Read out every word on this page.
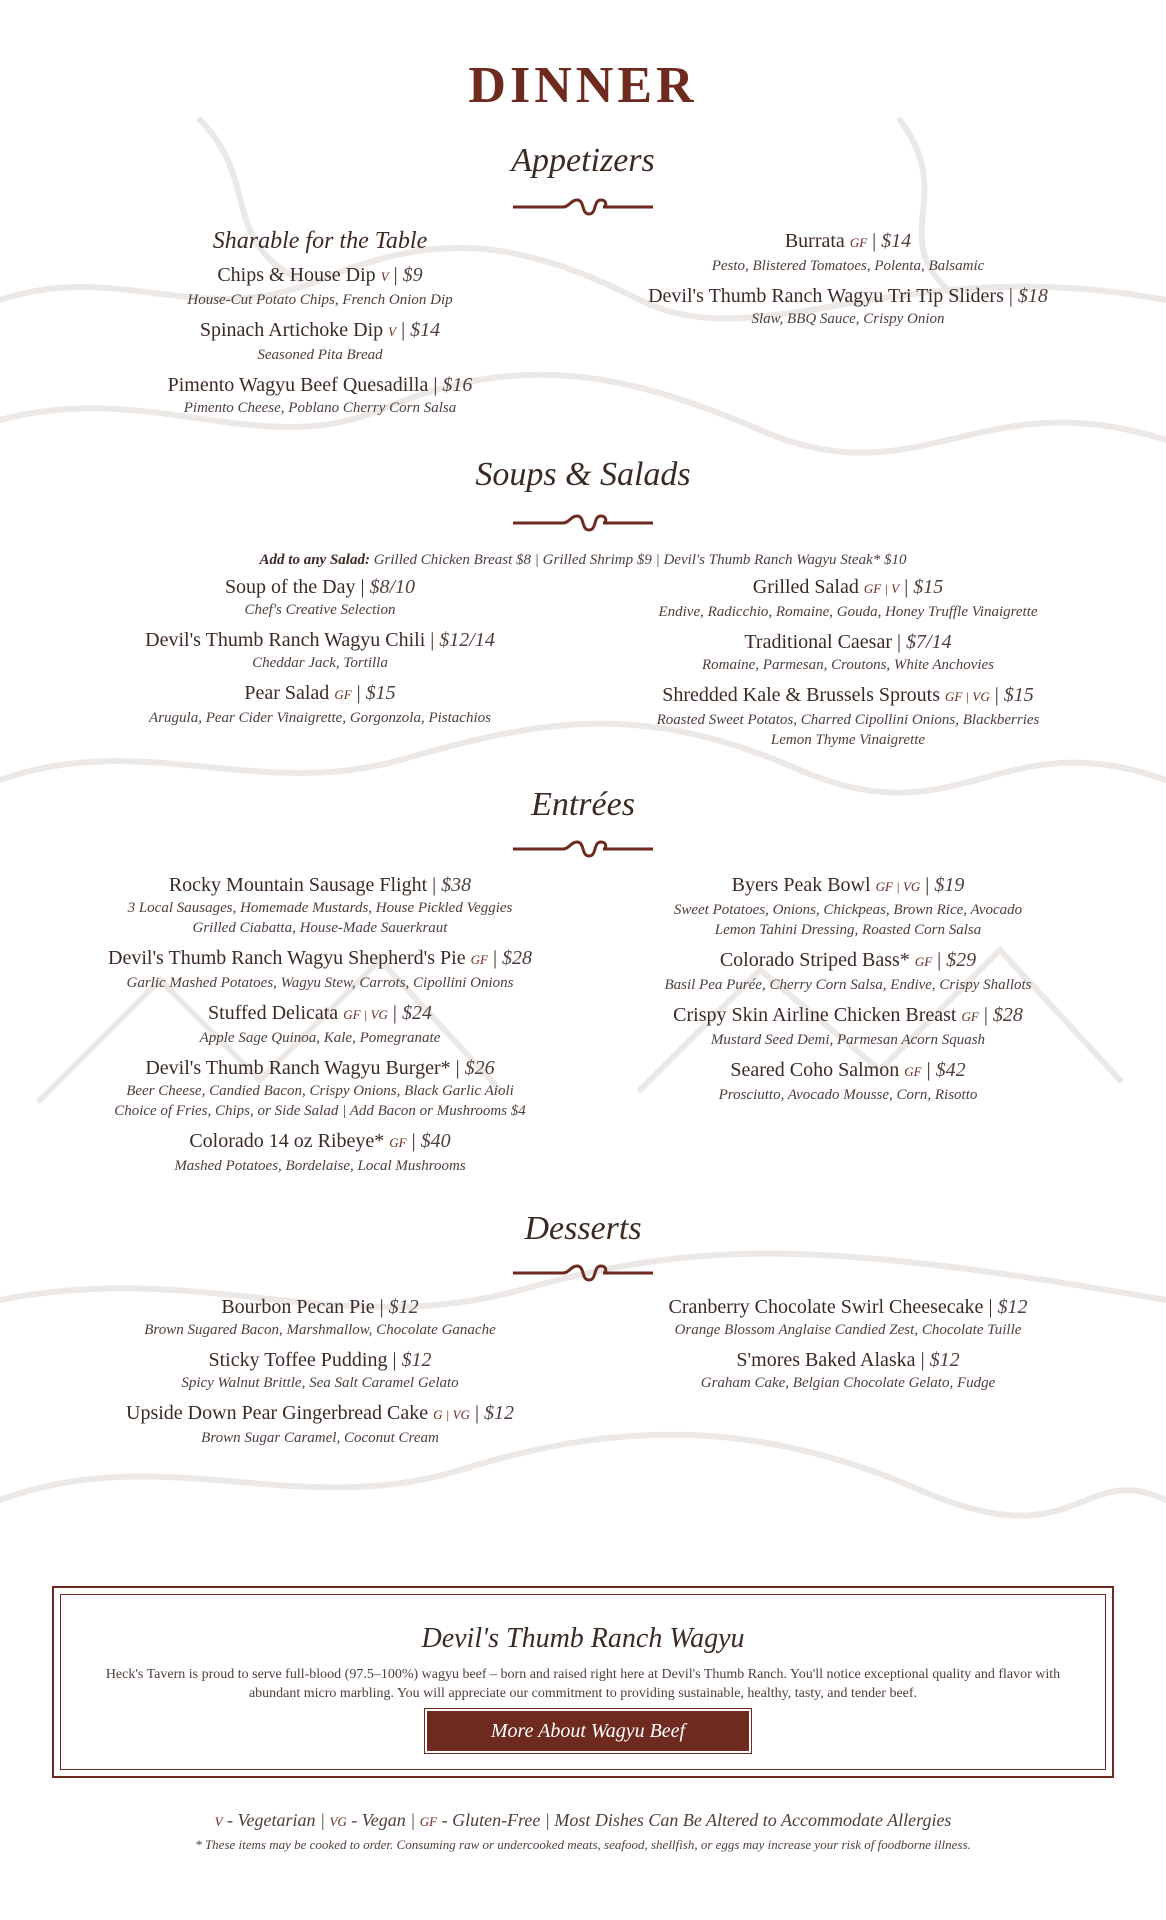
DINNER
Appetizers
Sharable for the Table
Chips & House Dip V | $9
House-Cut Potato Chips, French Onion Dip
Spinach Artichoke Dip V | $14
Seasoned Pita Bread
Pimento Wagyu Beef Quesadilla | $16
Pimento Cheese, Poblano Cherry Corn Salsa
Burrata GF | $14
Pesto, Blistered Tomatoes, Polenta, Balsamic
Devil's Thumb Ranch Wagyu Tri Tip Sliders | $18
Slaw, BBQ Sauce, Crispy Onion
Soups & Salads
Add to any Salad: Grilled Chicken Breast $8 | Grilled Shrimp $9 | Devil's Thumb Ranch Wagyu Steak* $10
Soup of the Day | $8/10
Chef's Creative Selection
Devil's Thumb Ranch Wagyu Chili | $12/14
Cheddar Jack, Tortilla
Pear Salad GF | $15
Arugula, Pear Cider Vinaigrette, Gorgonzola, Pistachios
Grilled Salad GF | V | $15
Endive, Radicchio, Romaine, Gouda, Honey Truffle Vinaigrette
Traditional Caesar | $7/14
Romaine, Parmesan, Croutons, White Anchovies
Shredded Kale & Brussels Sprouts GF | VG | $15
Roasted Sweet Potatos, Charred Cipollini Onions, Blackberries
Lemon Thyme Vinaigrette
Entrées
Rocky Mountain Sausage Flight | $38
3 Local Sausages, Homemade Mustards, House Pickled Veggies
Grilled Ciabatta, House-Made Sauerkraut
Devil's Thumb Ranch Wagyu Shepherd's Pie GF | $28
Garlic Mashed Potatoes, Wagyu Stew, Carrots, Cipollini Onions
Stuffed Delicata GF | VG | $24
Apple Sage Quinoa, Kale, Pomegranate
Devil's Thumb Ranch Wagyu Burger* | $26
Beer Cheese, Candied Bacon, Crispy Onions, Black Garlic Aioli
Choice of Fries, Chips, or Side Salad | Add Bacon or Mushrooms $4
Colorado 14 oz Ribeye* GF | $40
Mashed Potatoes, Bordelaise, Local Mushrooms
Byers Peak Bowl GF | VG | $19
Sweet Potatoes, Onions, Chickpeas, Brown Rice, Avocado
Lemon Tahini Dressing, Roasted Corn Salsa
Colorado Striped Bass* GF | $29
Basil Pea Purée, Cherry Corn Salsa, Endive, Crispy Shallots
Crispy Skin Airline Chicken Breast GF | $28
Mustard Seed Demi, Parmesan Acorn Squash
Seared Coho Salmon GF | $42
Prosciutto, Avocado Mousse, Corn, Risotto
Desserts
Bourbon Pecan Pie | $12
Brown Sugared Bacon, Marshmallow, Chocolate Ganache
Sticky Toffee Pudding | $12
Spicy Walnut Brittle, Sea Salt Caramel Gelato
Upside Down Pear Gingerbread Cake G | VG | $12
Brown Sugar Caramel, Coconut Cream
Cranberry Chocolate Swirl Cheesecake | $12
Orange Blossom Anglaise Candied Zest, Chocolate Tuille
S'mores Baked Alaska | $12
Graham Cake, Belgian Chocolate Gelato, Fudge
Devil's Thumb Ranch Wagyu
Heck's Tavern is proud to serve full-blood (97.5–100%) wagyu beef – born and raised right here at Devil's Thumb Ranch. You'll notice exceptional quality and flavor with abundant micro marbling. You will appreciate our commitment to providing sustainable, healthy, tasty, and tender beef.
More About Wagyu Beef
V - Vegetarian | VG - Vegan | GF - Gluten-Free | Most Dishes Can Be Altered to Accommodate Allergies
* These items may be cooked to order. Consuming raw or undercooked meats, seafood, shellfish, or eggs may increase your risk of foodborne illness.
